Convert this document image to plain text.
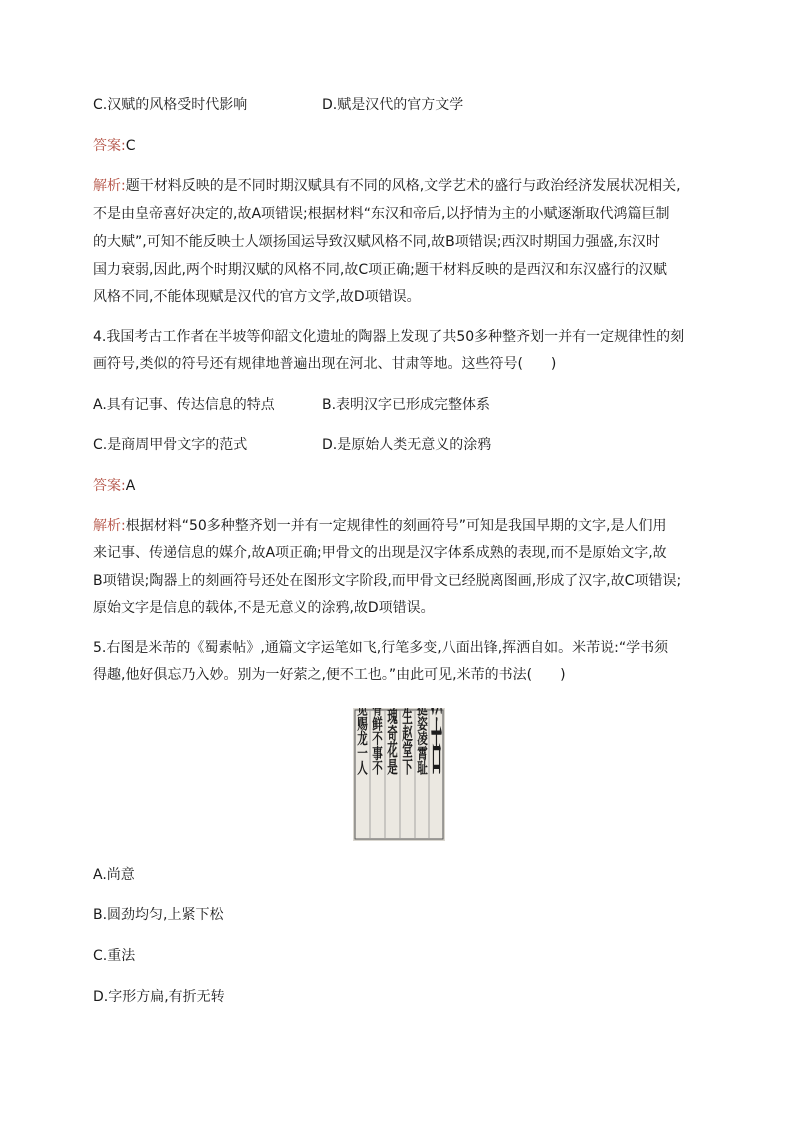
C.汉赋的风格受时代影响	D.赋是汉代的官方文学
答案:C
解析:题干材料反映的是不同时期汉赋具有不同的风格,文学艺术的盛行与政治经济发展状况相关,
不是由皇帝喜好决定的,故A项错误;根据材料“东汉和帝后,以抒情为主的小赋逐渐取代鸿篇巨制
的大赋”,可知不能反映士人颂扬国运导致汉赋风格不同,故B项错误;西汉时期国力强盛,东汉时
国力衰弱,因此,两个时期汉赋的风格不同,故C项正确;题干材料反映的是西汉和东汉盛行的汉赋
风格不同,不能体现赋是汉代的官方文学,故D项错误。
4.我国考古工作者在半坡等仰韶文化遗址的陶器上发现了共50多种整齐划一并有一定规律性的刻
画符号,类似的符号还有规律地普遍出现在河北、甘肃等地。这些符号(　　)
A.具有记事、传达信息的特点	B.表明汉字已形成完整体系
C.是商周甲骨文字的范式	D.是原始人类无意义的涂鸦
答案:A
解析:根据材料“50多种整齐划一并有一定规律性的刻画符号”可知是我国早期的文字,是人们用
来记事、传递信息的媒介,故A项正确;甲骨文的出现是汉字体系成熟的表现,而不是原始文字,故
B项错误;陶器上的刻画符号还处在图形文字阶段,而甲骨文已经脱离图画,形成了汉字,故C项错误;
原始文字是信息的载体,不是无意义的涂鸦,故D项错误。
5.右图是米芾的《蜀素帖》,通篇文字运笔如飞,行笔多变,八面出锋,挥洒自如。米芾说:“学书须
得趣,他好俱忘乃入妙。别为一好萦之,便不工也。”由此可见,米芾的书法(　　)
A.尚意
B.圆劲均匀,上紧下松
C.重法
D.字形方扁,有折无转
